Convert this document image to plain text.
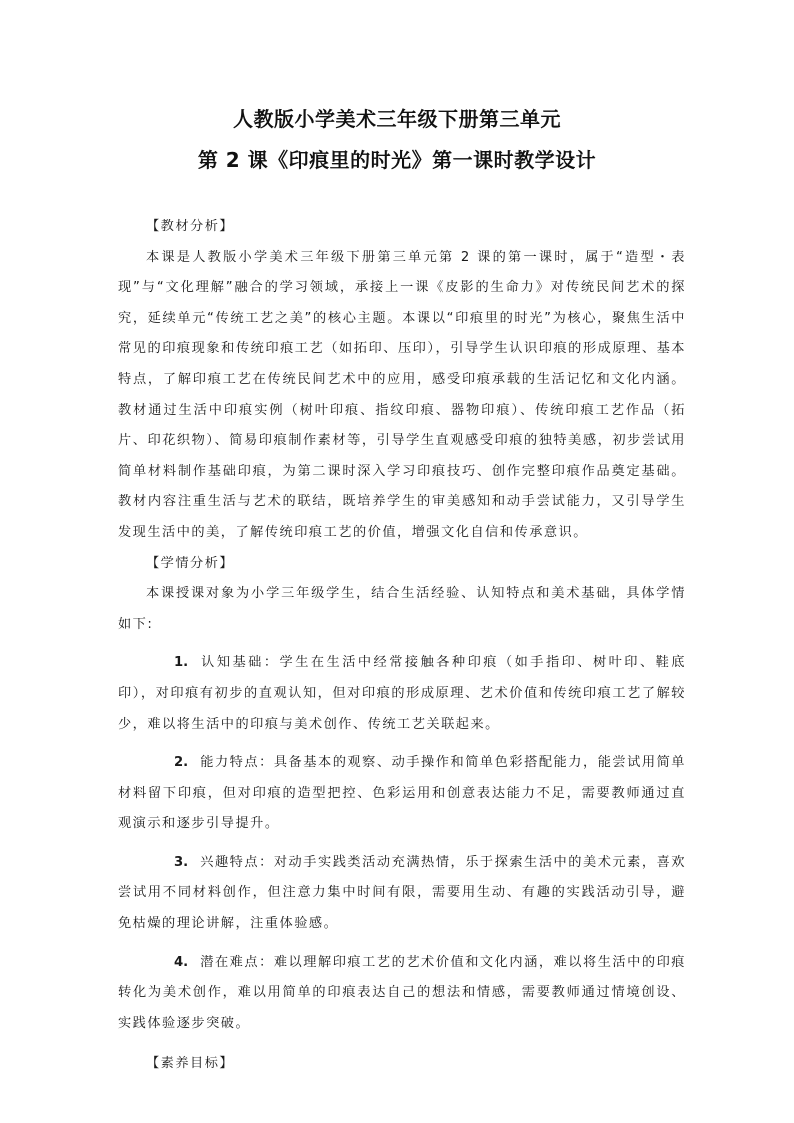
人教版小学美术三年级下册第三单元
第 2 课《印痕里的时光》第一课时教学设计

【教材分析】

本课是人教版小学美术三年级下册第三单元第 2 课的第一课时，属于“造型・表现”与“文化理解”融合的学习领域，承接上一课《皮影的生命力》对传统民间艺术的探究，延续单元“传统工艺之美”的核心主题。本课以“印痕里的时光”为核心，聚焦生活中常见的印痕现象和传统印痕工艺（如拓印、压印），引导学生认识印痕的形成原理、基本特点，了解印痕工艺在传统民间艺术中的应用，感受印痕承载的生活记忆和文化内涵。教材通过生活中印痕实例（树叶印痕、指纹印痕、器物印痕）、传统印痕工艺作品（拓片、印花织物）、简易印痕制作素材等，引导学生直观感受印痕的独特美感，初步尝试用简单材料制作基础印痕，为第二课时深入学习印痕技巧、创作完整印痕作品奠定基础。教材内容注重生活与艺术的联结，既培养学生的审美感知和动手尝试能力，又引导学生发现生活中的美，了解传统印痕工艺的价值，增强文化自信和传承意识。

【学情分析】

本课授课对象为小学三年级学生，结合生活经验、认知特点和美术基础，具体学情如下:

1. 认知基础：学生在生活中经常接触各种印痕（如手指印、树叶印、鞋底印），对印痕有初步的直观认知，但对印痕的形成原理、艺术价值和传统印痕工艺了解较少，难以将生活中的印痕与美术创作、传统工艺关联起来。

2. 能力特点：具备基本的观察、动手操作和简单色彩搭配能力，能尝试用简单材料留下印痕，但对印痕的造型把控、色彩运用和创意表达能力不足，需要教师通过直观演示和逐步引导提升。

3. 兴趣特点：对动手实践类活动充满热情，乐于探索生活中的美术元素，喜欢尝试用不同材料创作，但注意力集中时间有限，需要用生动、有趣的实践活动引导，避免枯燥的理论讲解，注重体验感。

4. 潜在难点：难以理解印痕工艺的艺术价值和文化内涵，难以将生活中的印痕转化为美术创作，难以用简单的印痕表达自己的想法和情感，需要教师通过情境创设、实践体验逐步突破。

【素养目标】
